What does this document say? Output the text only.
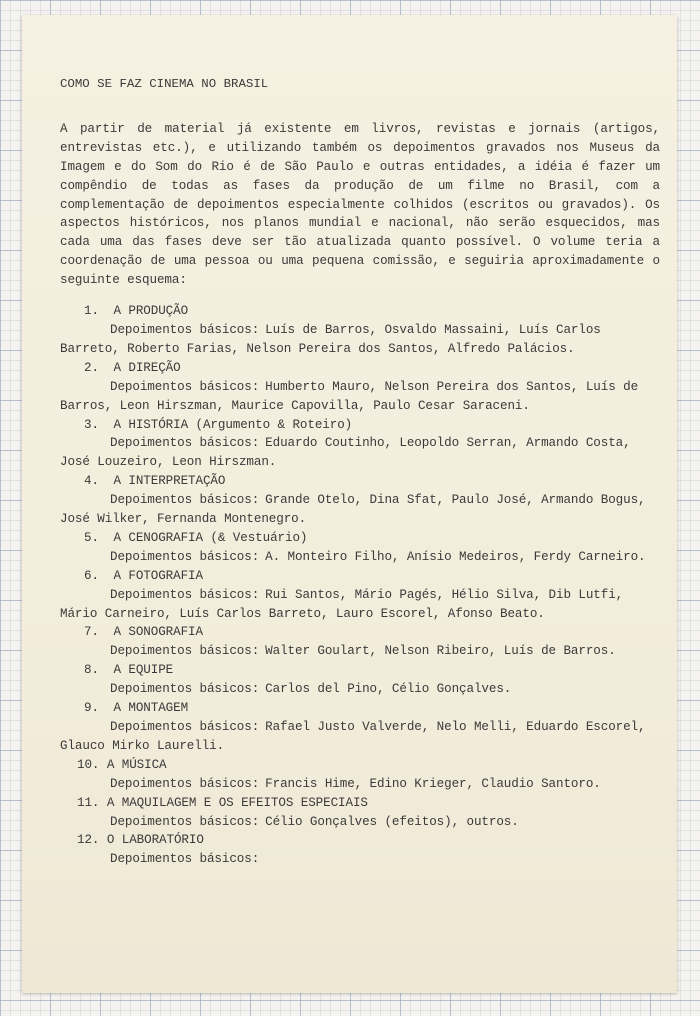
COMO SE FAZ CINEMA NO BRASIL
A partir de material já existente em livros, revistas e jornais (artigos, entrevistas etc.), e utilizando também os depoimentos gravados nos Museus da Imagem e do Som do Rio é de São Paulo e outras entidades, a idéia é fazer um compêndio de todas as fases da produção de um filme no Brasil, com a complementação de depoimentos especialmente colhidos (escritos ou gravados). Os aspectos históricos, nos planos mundial e nacional, não serão esquecidos, mas cada uma das fases deve ser tão atualizada quanto possível. O volume teria a coordenação de uma pessoa ou uma pequena comissão, e seguiria aproximadamente o seguinte esquema:
1. A PRODUÇÃO
Depoimentos básicos: Luís de Barros, Osvaldo Massaini, Luís Carlos Barreto, Roberto Farias, Nelson Pereira dos Santos, Alfredo Palácios.
2. A DIREÇÃO
Depoimentos básicos: Humberto Mauro, Nelson Pereira dos Santos, Luís de Barros, Leon Hirszman, Maurice Capovilla, Paulo Cesar Saraceni.
3. A HISTÓRIA (Argumento & Roteiro)
Depoimentos básicos: Eduardo Coutinho, Leopoldo Serran, Armando Costa, José Louzeiro, Leon Hirszman.
4. A INTERPRETAÇÃO
Depoimentos básicos: Grande Otelo, Dina Sfat, Paulo José, Armando Bogus, José Wilker, Fernanda Montenegro.
5. A CENOGRAFIA (& Vestuário)
Depoimentos básicos: A. Monteiro Filho, Anísio Medeiros, Ferdy Carneiro.
6. A FOTOGRAFIA
Depoimentos básicos: Rui Santos, Mário Pagés, Hélio Silva, Dib Lutfi, Mário Carneiro, Luís Carlos Barreto, Lauro Escorel, Afonso Beato.
7. A SONOGRAFIA
Depoimentos básicos: Walter Goulart, Nelson Ribeiro, Luís de Barros.
8. A EQUIPE
Depoimentos básicos: Carlos del Pino, Célio Gonçalves.
9. A MONTAGEM
Depoimentos básicos: Rafael Justo Valverde, Nelo Melli, Eduardo Escorel, Glauco Mirko Laurelli.
10. A MÚSICA
Depoimentos básicos: Francis Hime, Edino Krieger, Claudio Santoro.
11. A MAQUILAGEM E OS EFEITOS ESPECIAIS
Depoimentos básicos: Célio Gonçalves (efeitos), outros.
12. O LABORATÓRIO
Depoimentos básicos:
